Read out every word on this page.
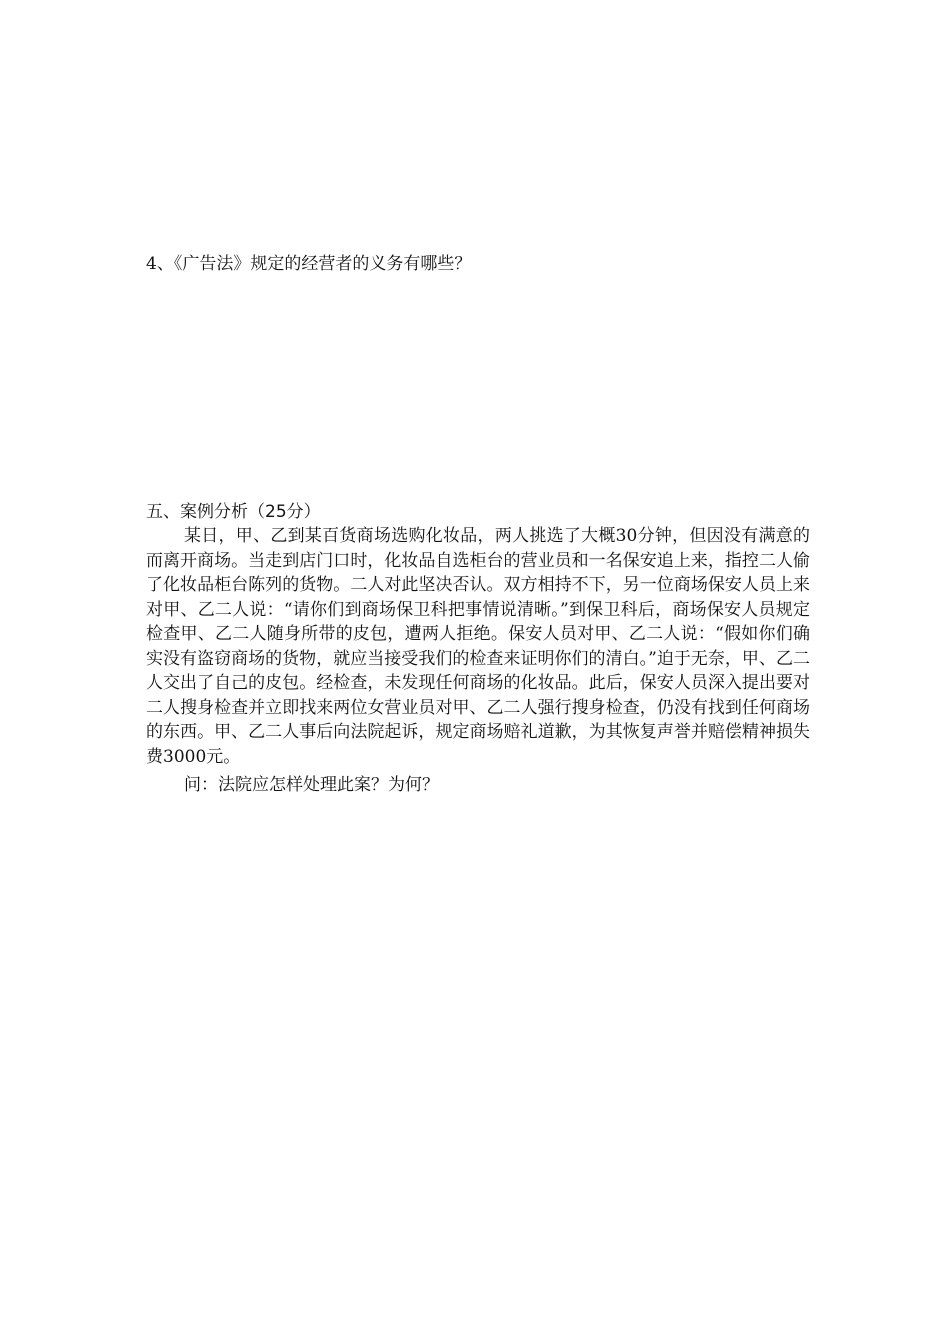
4、《广告法》规定的经营者的义务有哪些？
五、案例分析（25分）

某日，甲、乙到某百货商场选购化妆品，两人挑选了大概30分钟，但因没有满意的而离开商场。当走到店门口时，化妆品自选柜台的营业员和一名保安追上来，指控二人偷了化妆品柜台陈列的货物。二人对此坚决否认。双方相持不下，另一位商场保安人员上来对甲、乙二人说：“请你们到商场保卫科把事情说清晰。”到保卫科后，商场保安人员规定检查甲、乙二人随身所带的皮包，遭两人拒绝。保安人员对甲、乙二人说：“假如你们确实没有盗窃商场的货物，就应当接受我们的检查来证明你们的清白。”迫于无奈，甲、乙二人交出了自己的皮包。经检查，未发现任何商场的化妆品。此后，保安人员深入提出要对二人搜身检查并立即找来两位女营业员对甲、乙二人强行搜身检查，仍没有找到任何商场的东西。甲、乙二人事后向法院起诉，规定商场赔礼道歉，为其恢复声誉并赔偿精神损失费3000元。

问：法院应怎样处理此案？为何？
